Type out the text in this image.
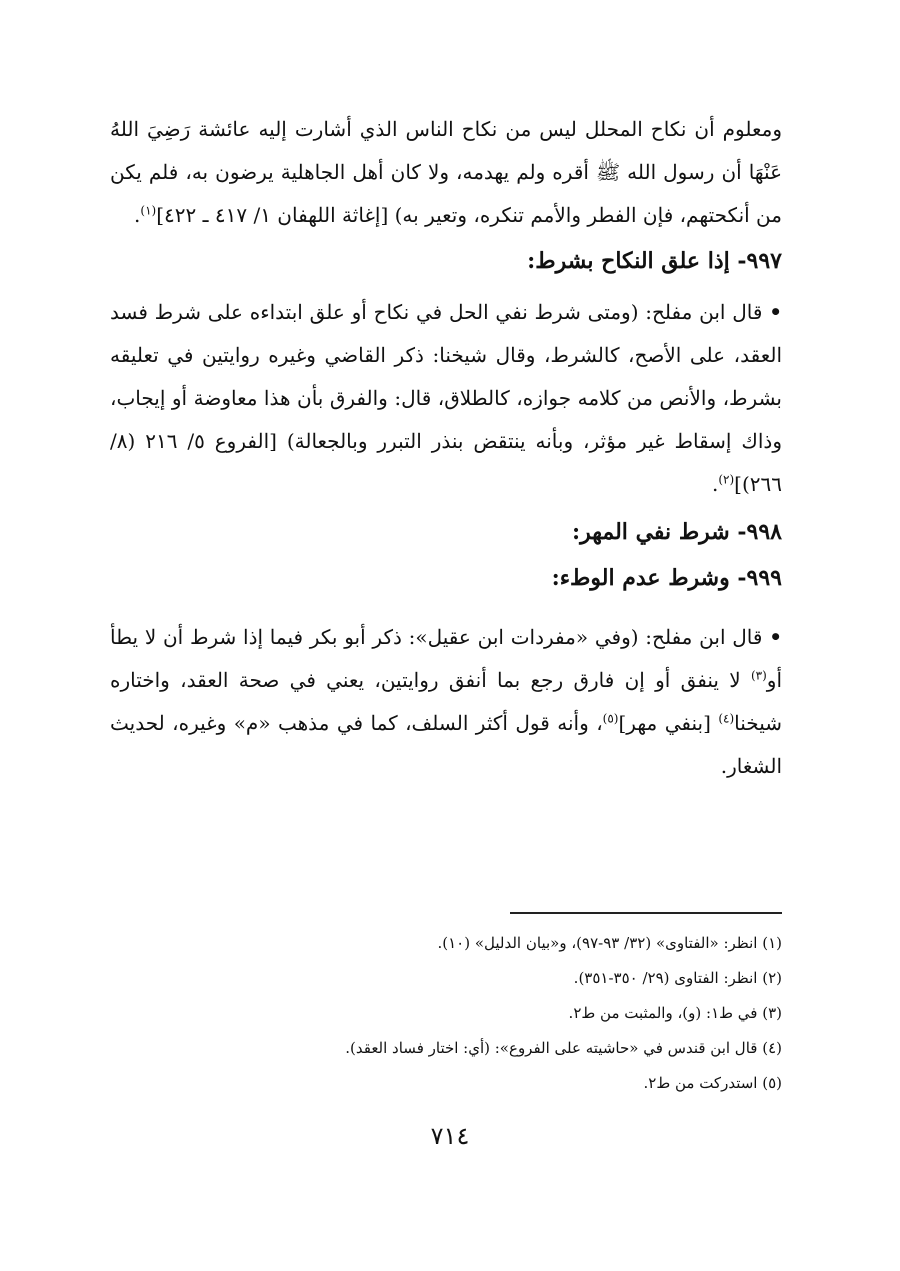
ومعلوم أن نكاح المحلل ليس من نكاح الناس الذي أشارت إليه عائشة رَضِيَ اللهُ عَنْهَا أن رسول الله ﷺ أقره ولم يهدمه، ولا كان أهل الجاهلية يرضون به، فلم يكن من أنكحتهم، فإن الفطر والأمم تنكره، وتعير به) [إغاثة اللهفان ١/ ٤١٧ ـ ٤٢٢]$^{(١)}$.

٩٩٧- إذا علق النكاح بشرط:

• قال ابن مفلح: (ومتى شرط نفي الحل في نكاح أو علق ابتداءه على شرط فسد العقد، على الأصح، كالشرط، وقال شيخنا: ذكر القاضي وغيره روايتين في تعليقه بشرط، والأنص من كلامه جوازه، كالطلاق، قال: والفرق بأن هذا معاوضة أو إيجاب، وذاك إسقاط غير مؤثر، وبأنه ينتقض بنذر التبرر وبالجعالة) [الفروع ٥/ ٢١٦ (٨/ ٢٦٦)]$^{(٢)}$.

٩٩٨- شرط نفي المهر:
٩٩٩- وشرط عدم الوطء:

• قال ابن مفلح: (وفي «مفردات ابن عقيل»: ذكر أبو بكر فيما إذا شرط أن لا يطأ أو$^{(٣)}$ لا ينفق أو إن فارق رجع بما أنفق روايتين، يعني في صحة العقد، واختاره شيخنا$^{(٤)}$ [بنفي مهر]$^{(٥)}$، وأنه قول أكثر السلف، كما في مذهب «م» وغيره، لحديث الشغار.

(١) انظر: «الفتاوى» (٣٢/ ٩٣-٩٧)، و«بيان الدليل» (١٠).

(٢) انظر: الفتاوى (٢٩/ ٣٥٠-٣٥١).

(٣) في ط١: (و)، والمثبت من ط٢.

(٤) قال ابن قندس في «حاشيته على الفروع»: (أي: اختار فساد العقد).

(٥) استدركت من ط٢.

٧١٤
